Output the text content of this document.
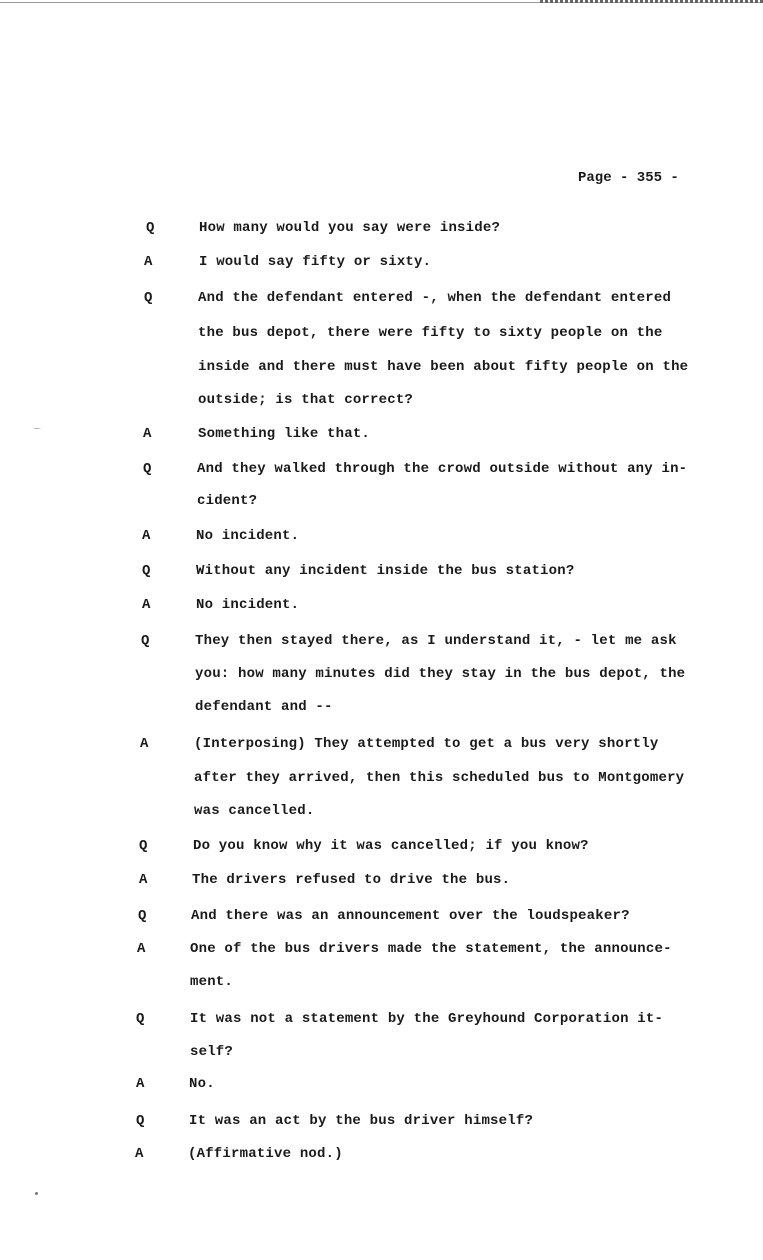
Page - 355 -
Q	How many would you say were inside?
A	I would say fifty or sixty.
Q	And the defendant entered -, when the defendant entered
the bus depot, there were fifty to sixty people on the
inside and there must have been about fifty people on the
outside; is that correct?
A	Something like that.
Q	And they walked through the crowd outside without any in-
cident?
A	No incident.
Q	Without any incident inside the bus station?
A	No incident.
Q	They then stayed there, as I understand it, - let me ask
you: how many minutes did they stay in the bus depot, the
defendant and --
A	(Interposing) They attempted to get a bus very shortly
after they arrived, then this scheduled bus to Montgomery
was cancelled.
Q	Do you know why it was cancelled; if you know?
A	The drivers refused to drive the bus.
Q	And there was an announcement over the loudspeaker?
A	One of the bus drivers made the statement, the announce-
ment.
Q	It was not a statement by the Greyhound Corporation it-
self?
A	No.
Q	It was an act by the bus driver himself?
A	(Affirmative nod.)
